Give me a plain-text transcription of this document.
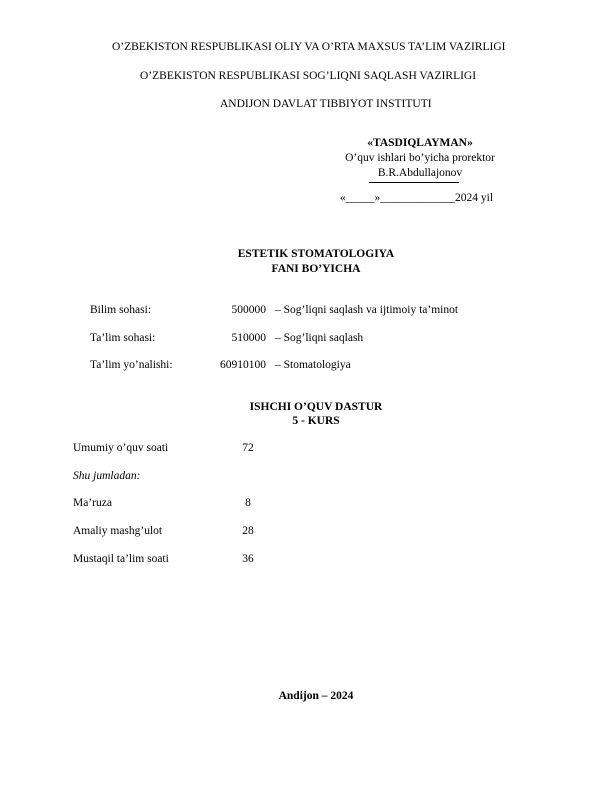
O’ZBEKISTON RESPUBLIKASI OLIY VA O’RTA MAXSUS TA’LIM VAZIRLIGI
O’ZBEKISTON RESPUBLIKASI SOG’LIQNI SAQLASH VAZIRLIGI
ANDIJON DAVLAT TIBBIYOT INSTITUTI
«TASDIQLAYMAN»
O’quv ishlari bo’yicha prorektor
B.R.Abdullajonov
«_____»_____________2024 yil
ESTETIK STOMATOLOGIYA
FANI BO’YICHA
Bilim sohasi:	500000 – Sog’liqni saqlash va ijtimoiy ta’minot
Ta’lim sohasi:	510000 – Sog’liqni saqlash
Ta’lim yo’nalishi:	60910100 – Stomatologiya
ISHCHI O’QUV DASTUR
5 - KURS
Umumiy o’quv soati	72
Shu jumladan:
Ma’ruza	8
Amaliy mashg’ulot	28
Mustaqil ta’lim soati	36
Andijon – 2024
